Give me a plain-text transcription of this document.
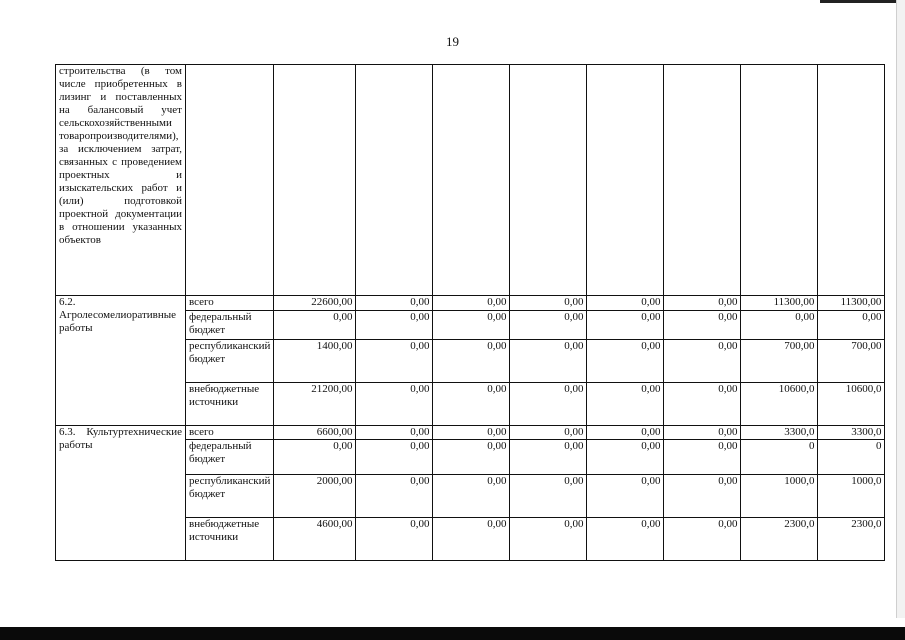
19
строительства (в том числе приобретенных в лизинг и поставленных на балансовый учет сельскохозяйственными товаропроизводителями), за исключением затрат, связанных с проведением проектных и изыскательских работ и (или) подготовкой проектной документации в отношении указанных объектов									
6.2. Агролесомелиоративные работы	всего	22600,00	0,00	0,00	0,00	0,00	0,00	11300,00	11300,00
	федеральный бюджет	0,00	0,00	0,00	0,00	0,00	0,00	0,00	0,00
	республиканский бюджет	1400,00	0,00	0,00	0,00	0,00	0,00	700,00	700,00
	внебюджетные источники	21200,00	0,00	0,00	0,00	0,00	0,00	10600,0	10600,0
6.3. Культуртехнические работы	всего	6600,00	0,00	0,00	0,00	0,00	0,00	3300,0	3300,0
	федеральный бюджет	0,00	0,00	0,00	0,00	0,00	0,00	0	0
	республиканский бюджет	2000,00	0,00	0,00	0,00	0,00	0,00	1000,0	1000,0
	внебюджетные источники	4600,00	0,00	0,00	0,00	0,00	0,00	2300,0	2300,0
